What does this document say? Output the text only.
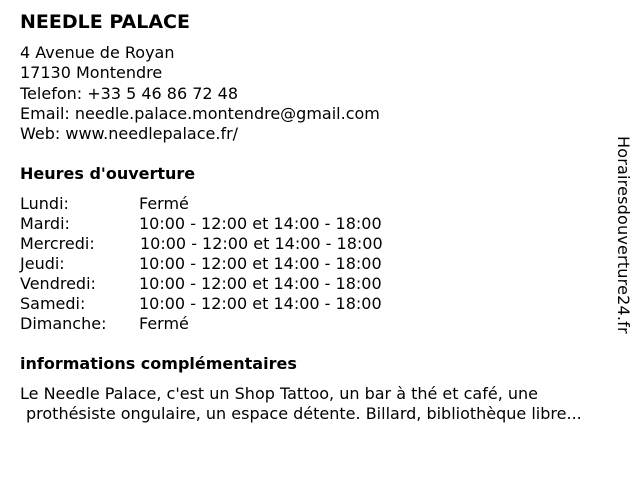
NEEDLE PALACE
4 Avenue de Royan
17130 Montendre
Telefon: +33 5 46 86 72 48
Email: needle.palace.montendre@gmail.com
Web: www.needlepalace.fr/
Heures d'ouverture
Lundi:	Fermé
Mardi:	10:00 - 12:00 et 14:00 - 18:00
Mercredi:	10:00 - 12:00 et 14:00 - 18:00
Jeudi:	10:00 - 12:00 et 14:00 - 18:00
Vendredi:	10:00 - 12:00 et 14:00 - 18:00
Samedi:	10:00 - 12:00 et 14:00 - 18:00
Dimanche: Fermé
informations complémentaires
Le Needle Palace, c'est un Shop Tattoo, un bar à thé et café, une
prothésiste ongulaire, un espace détente. Billard, bibliothèque libre...
Horairesdouverture24.fr
